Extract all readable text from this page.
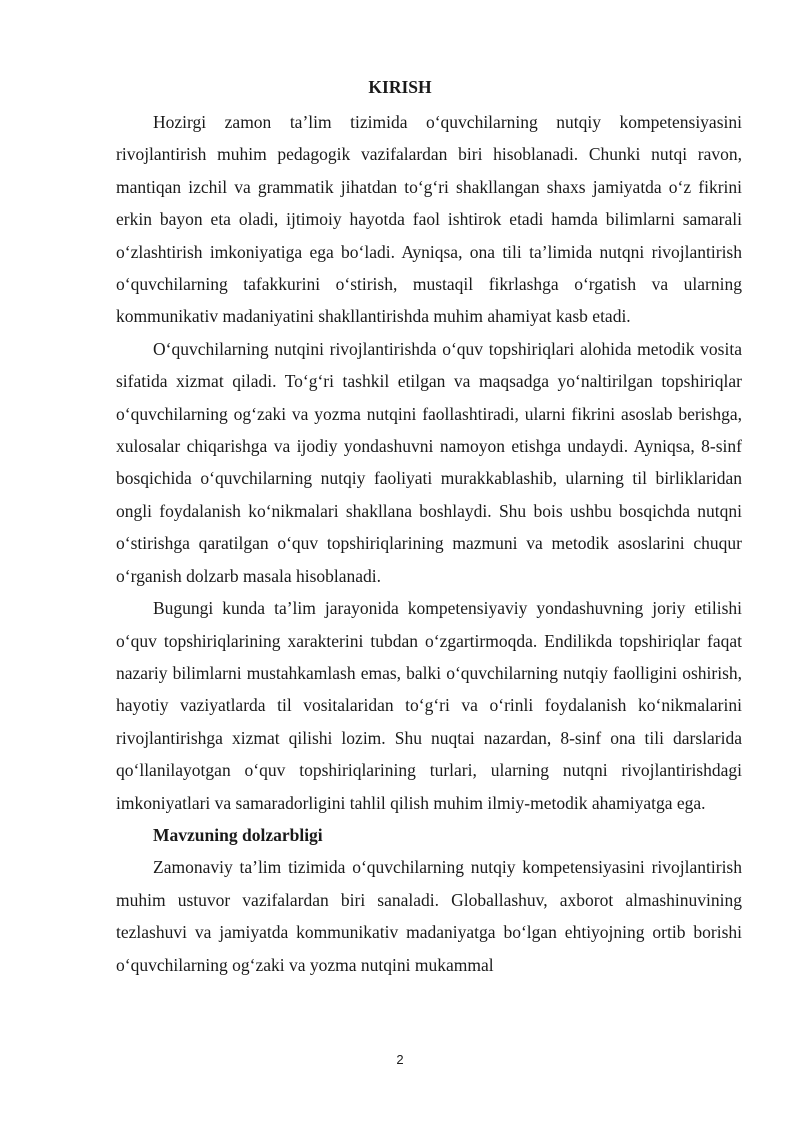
KIRISH

Hozirgi zamon ta’lim tizimida o‘quvchilarning nutqiy kompetensiyasini rivojlantirish muhim pedagogik vazifalardan biri hisoblanadi. Chunki nutqi ravon, mantiqan izchil va grammatik jihatdan to‘g‘ri shakllangan shaxs jamiyatda o‘z fikrini erkin bayon eta oladi, ijtimoiy hayotda faol ishtirok etadi hamda bilimlarni samarali o‘zlashtirish imkoniyatiga ega bo‘ladi. Ayniqsa, ona tili ta’limida nutqni rivojlantirish o‘quvchilarning tafakkurini o‘stirish, mustaqil fikrlashga o‘rgatish va ularning kommunikativ madaniyatini shakllantirishda muhim ahamiyat kasb etadi.

O‘quvchilarning nutqini rivojlantirishda o‘quv topshiriqlari alohida metodik vosita sifatida xizmat qiladi. To‘g‘ri tashkil etilgan va maqsadga yo‘naltirilgan topshiriqlar o‘quvchilarning og‘zaki va yozma nutqini faollashtiradi, ularni fikrini asoslab berishga, xulosalar chiqarishga va ijodiy yondashuvni namoyon etishga undaydi. Ayniqsa, 8-sinf bosqichida o‘quvchilarning nutqiy faoliyati murakkablashib, ularning til birliklaridan ongli foydalanish ko‘nikmalari shakllana boshlaydi. Shu bois ushbu bosqichda nutqni o‘stirishga qaratilgan o‘quv topshiriqlarining mazmuni va metodik asoslarini chuqur o‘rganish dolzarb masala hisoblanadi.

Bugungi kunda ta’lim jarayonida kompetensiyaviy yondashuvning joriy etilishi o‘quv topshiriqlarining xarakterini tubdan o‘zgartirmoqda. Endilikda topshiriqlar faqat nazariy bilimlarni mustahkamlash emas, balki o‘quvchilarning nutqiy faolligini oshirish, hayotiy vaziyatlarda til vositalaridan to‘g‘ri va o‘rinli foydalanish ko‘nikmalarini rivojlantirishga xizmat qilishi lozim. Shu nuqtai nazardan, 8-sinf ona tili darslarida qo‘llanilayotgan o‘quv topshiriqlarining turlari, ularning nutqni rivojlantirishdagi imkoniyatlari va samaradorligini tahlil qilish muhim ilmiy-metodik ahamiyatga ega.

Mavzuning dolzarbligi

Zamonaviy ta’lim tizimida o‘quvchilarning nutqiy kompetensiyasini rivojlantirish muhim ustuvor vazifalardan biri sanaladi. Globallashuv, axborot almashinuvining tezlashuvi va jamiyatda kommunikativ madaniyatga bo‘lgan ehtiyojning ortib borishi o‘quvchilarning og‘zaki va yozma nutqini mukammal

2
